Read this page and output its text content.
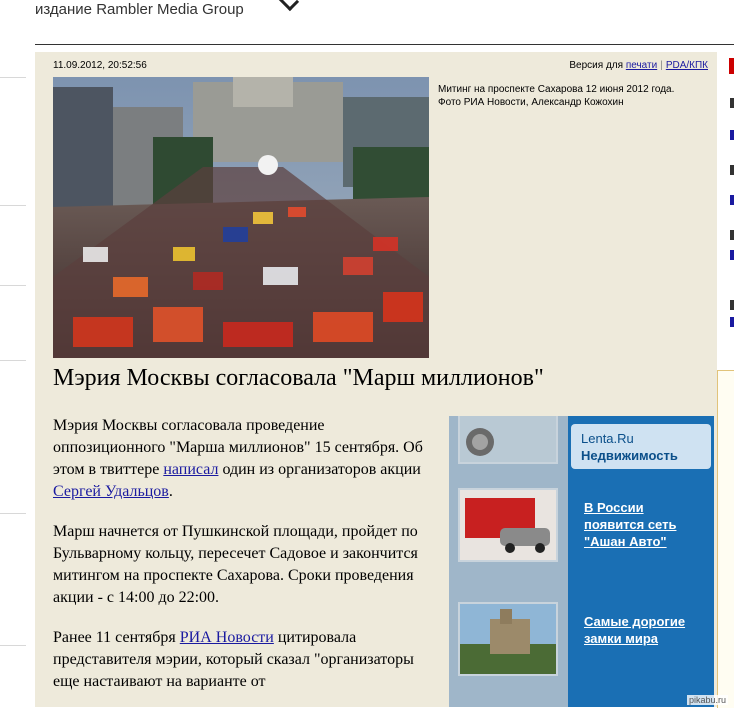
издание Rambler Media Group
11.09.2012, 20:52:56	Версия для печати | PDA/КПК
Митинг на проспекте Сахарова 12 июня 2012 года. Фото РИА Новости, Александр Кожохин
Мэрия Москвы согласовала "Марш миллионов"

Мэрия Москвы согласовала проведение оппозиционного "Марша миллионов" 15 сентября. Об этом в твиттере написал один из организаторов акции Сергей Удальцов.

Марш начнется от Пушкинской площади, пройдет по Бульварному кольцу, пересечет Садовое и закончится митингом на проспекте Сахарова. Сроки проведения акции - с 14:00 до 22:00.

Ранее 11 сентября РИА Новости цитировала представителя мэрии, который сказал "организаторы еще настаивают на варианте от

Lenta.Ru
Недвижимость
В России появится сеть "Ашан Авто"
Самые дорогие замки мира
pikabu.ru
